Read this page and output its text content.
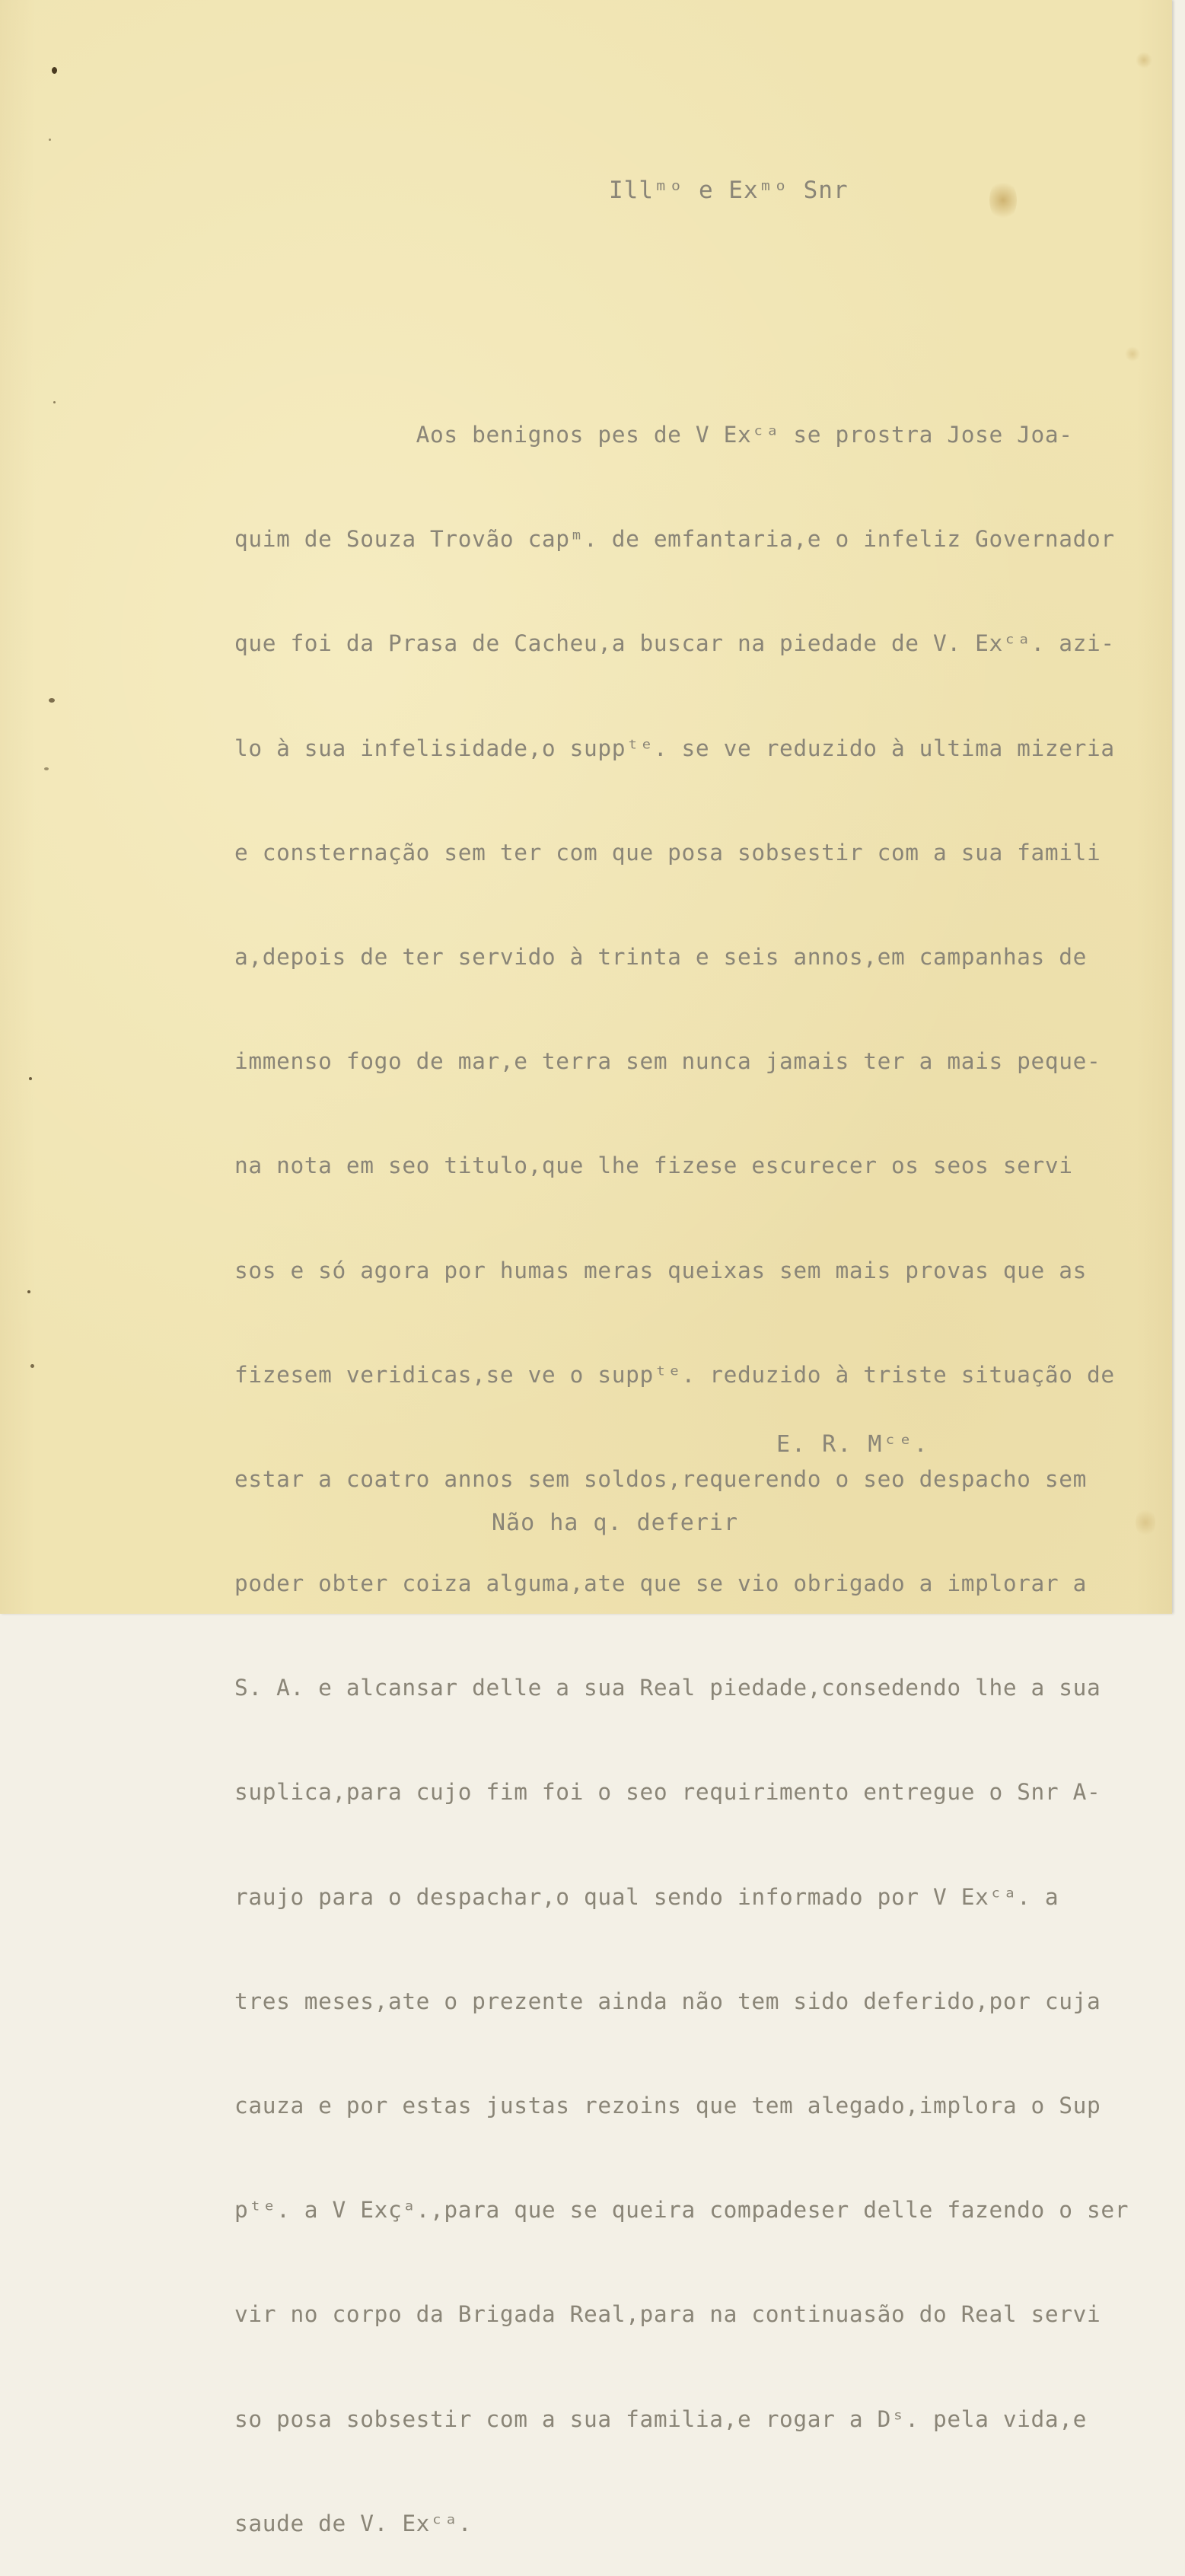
Illᵐᵒ e Exᵐᵒ Snr

Aos benignos pes de V Exᶜᵃ se prostra Jose Joa-

quim de Souza Trovão capᵐ. de emfantaria,e o infeliz Governador

que foi da Prasa de Cacheu,a buscar na piedade de V. Exᶜᵃ. azi-

lo à sua infelisidade,o suppᵗᵉ. se ve reduzido à ultima mizeria

e consternação sem ter com que posa sobsestir com a sua famili

a,depois de ter servido à trinta e seis annos,em campanhas de

immenso fogo de mar,e terra sem nunca jamais ter a mais peque-

na nota em seo titulo,que lhe fizese escurecer os seos servi

sos e só agora por humas meras queixas sem mais provas que as

fizesem veridicas,se ve o suppᵗᵉ. reduzido à triste situação de

estar a coatro annos sem soldos,requerendo o seo despacho sem

poder obter coiza alguma,ate que se vio obrigado a implorar a

S. A. e alcansar delle a sua Real piedade,consedendo lhe a sua

suplica,para cujo fim foi o seo requirimento entregue o Snr A-

raujo para o despachar,o qual sendo informado por V Exᶜᵃ. a

tres meses,ate o prezente ainda não tem sido deferido,por cuja

cauza e por estas justas rezoins que tem alegado,implora o Sup

pᵗᵉ. a V Exçᵃ.,para que se queira compadeser delle fazendo o ser

vir no corpo da Brigada Real,para na continuasão do Real servi

so posa sobsestir com a sua familia,e rogar a Dˢ. pela vida,e

saude de V. Exᶜᵃ.

E. R. Mᶜᵉ.
Não ha q. deferir
